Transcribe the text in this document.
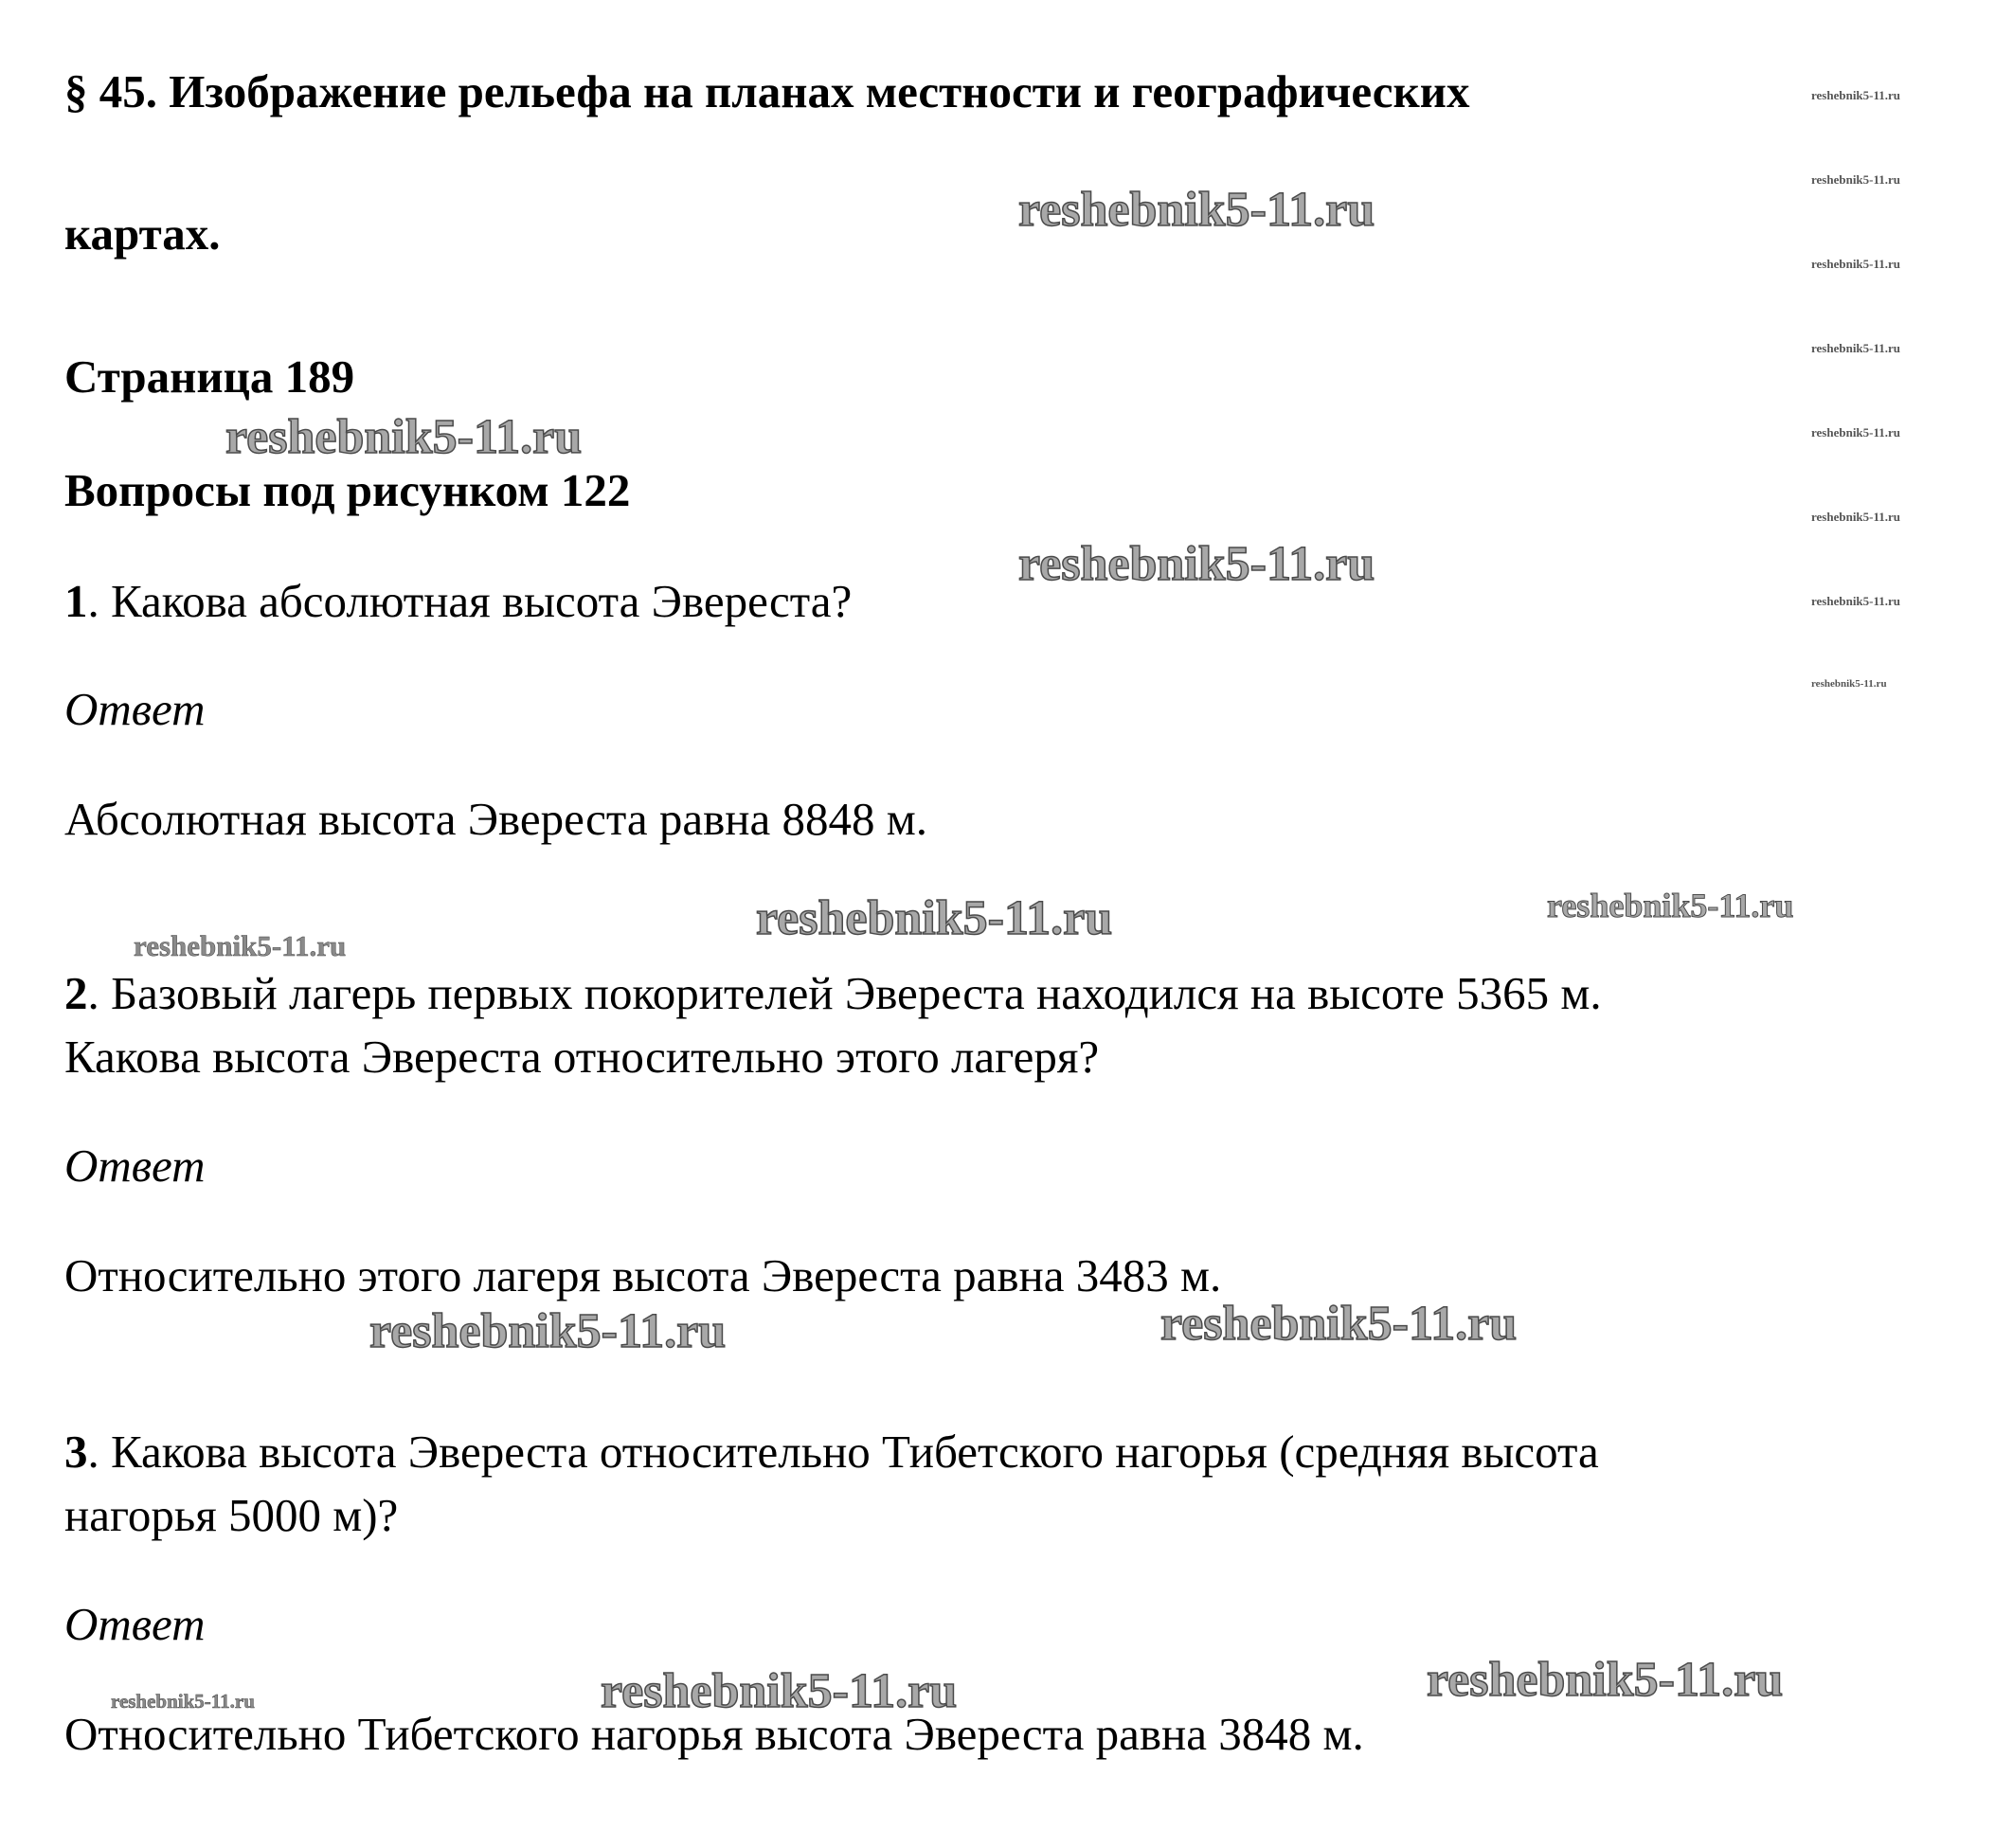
§ 45. Изображение рельефа на планах местности и географических
картах.
Страница 189
Вопросы под рисунком 122
1. Какова абсолютная высота Эвереста?
Ответ
Абсолютная высота Эвереста равна 8848 м.
2. Базовый лагерь первых покорителей Эвереста находился на высоте 5365 м.
Какова высота Эвереста относительно этого лагеря?
Ответ
Относительно этого лагеря высота Эвереста равна 3483 м.
3. Какова высота Эвереста относительно Тибетского нагорья (средняя высота
нагорья 5000 м)?
Ответ
Относительно Тибетского нагорья высота Эвереста равна 3848 м.
reshebnik5-11.ru
reshebnik5-11.ru
reshebnik5-11.ru
reshebnik5-11.ru
reshebnik5-11.ru
reshebnik5-11.ru
reshebnik5-11.ru
reshebnik5-11.ru
reshebnik5-11.ru
reshebnik5-11.ru
reshebnik5-11.ru
reshebnik5-11.ru	reshebnik5-11.ru
reshebnik5-11.ru
reshebnik5-11.ru	reshebnik5-11.ru
reshebnik5-11.ru	reshebnik5-11.ru
reshebnik5-11.ru
